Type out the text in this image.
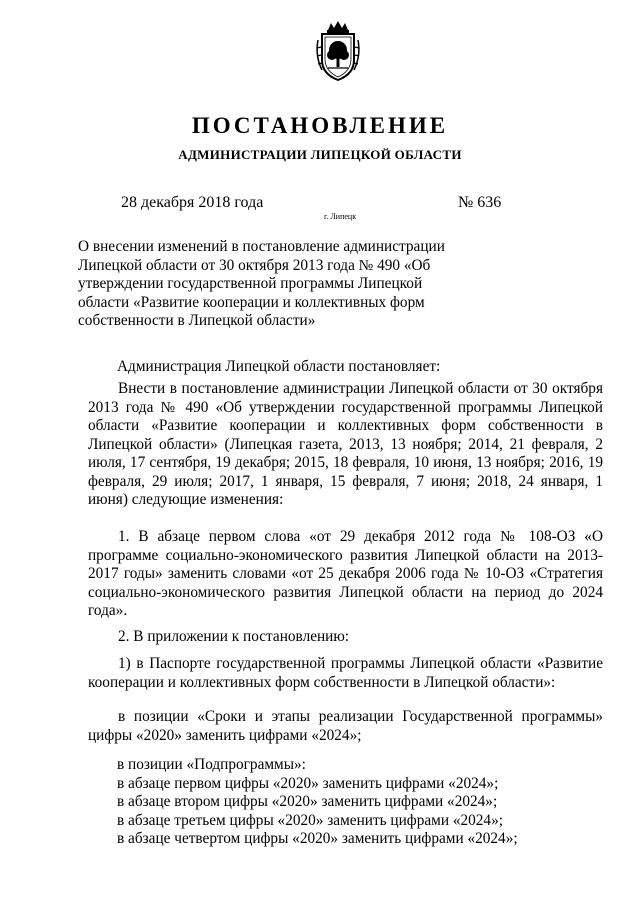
ПОСТАНОВЛЕНИЕ
АДМИНИСТРАЦИИ ЛИПЕЦКОЙ ОБЛАСТИ
28 декабря 2018 года
г. Липецк
№ 636

О внесении изменений в постановление администрации Липецкой области от 30 октября 2013 года № 490 «Об утверждении государственной программы Липецкой области «Развитие кооперации и коллективных форм собственности в Липецкой области»

Администрация Липецкой области постановляет:

Внести в постановление администрации Липецкой области от 30 октября 2013 года № 490 «Об утверждении государственной программы Липецкой области «Развитие кооперации и коллективных форм собственности в Липецкой области» (Липецкая газета, 2013, 13 ноября; 2014, 21 февраля, 2 июля, 17 сентября, 19 декабря; 2015, 18 февраля, 10 июня, 13 ноября; 2016, 19 февраля, 29 июля; 2017, 1 января, 15 февраля, 7 июня; 2018, 24 января, 1 июня) следующие изменения:

1. В абзаце первом слова «от 29 декабря 2012 года № 108-ОЗ «О программе социально-экономического развития Липецкой области на 2013-2017 годы» заменить словами «от 25 декабря 2006 года № 10-ОЗ «Стратегия социально-экономического развития Липецкой области на период до 2024 года».

2. В приложении к постановлению:

1) в Паспорте государственной программы Липецкой области «Развитие кооперации и коллективных форм собственности в Липецкой области»:

в позиции «Сроки и этапы реализации Государственной программы» цифры «2020» заменить цифрами «2024»;

в позиции «Подпрограммы»:
в абзаце первом цифры «2020» заменить цифрами «2024»;
в абзаце втором цифры «2020» заменить цифрами «2024»;
в абзаце третьем цифры «2020» заменить цифрами «2024»;
в абзаце четвертом цифры «2020» заменить цифрами «2024»;
